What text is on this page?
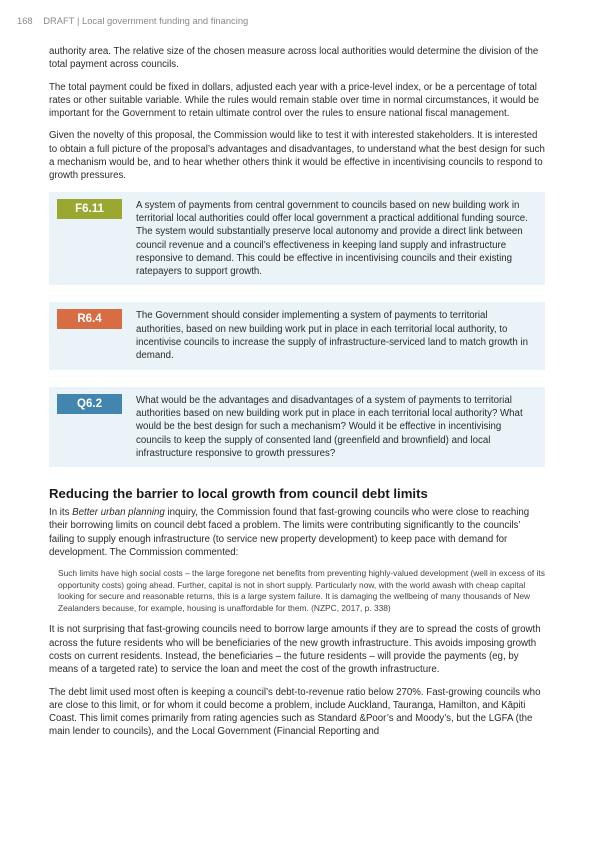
168 DRAFT | Local government funding and financing

authority area. The relative size of the chosen measure across local authorities would determine the division of the total payment across councils.

The total payment could be fixed in dollars, adjusted each year with a price-level index, or be a percentage of total rates or other suitable variable. While the rules would remain stable over time in normal circumstances, it would be important for the Government to retain ultimate control over the rules to ensure national fiscal management.

Given the novelty of this proposal, the Commission would like to test it with interested stakeholders. It is interested to obtain a full picture of the proposal’s advantages and disadvantages, to understand what the best design for such a mechanism would be, and to hear whether others think it would be effective in incentivising councils to respond to growth pressures.

F6.11	A system of payments from central government to councils based on new building work in territorial local authorities could offer local government a practical additional funding source. The system would substantially preserve local autonomy and provide a direct link between council revenue and a council’s effectiveness in keeping land supply and infrastructure responsive to demand. This could be effective in incentivising councils and their existing ratepayers to support growth.
R6.4	The Government should consider implementing a system of payments to territorial authorities, based on new building work put in place in each territorial local authority, to incentivise councils to increase the supply of infrastructure-serviced land to match growth in demand.
Q6.2	What would be the advantages and disadvantages of a system of payments to territorial authorities based on new building work put in place in each territorial local authority? What would be the best design for such a mechanism? Would it be effective in incentivising councils to keep the supply of consented land (greenfield and brownfield) and local infrastructure responsive to growth pressures?
Reducing the barrier to local growth from council debt limits

In its Better urban planning inquiry, the Commission found that fast-growing councils who were close to reaching their borrowing limits on council debt faced a problem. The limits were contributing significantly to the councils’ failing to supply enough infrastructure (to service new property development) to keep pace with demand for development. The Commission commented:

Such limits have high social costs – the large foregone net benefits from preventing highly-valued development (well in excess of its opportunity costs) going ahead. Further, capital is not in short supply. Particularly now, with the world awash with cheap capital looking for secure and reasonable returns, this is a large system failure. It is damaging the wellbeing of many thousands of New Zealanders because, for example, housing is unaffordable for them. (NZPC, 2017, p. 338)

It is not surprising that fast-growing councils need to borrow large amounts if they are to spread the costs of growth across the future residents who will be beneficiaries of the new growth infrastructure. This avoids imposing growth costs on current residents. Instead, the beneficiaries – the future residents – will provide the payments (eg, by means of a targeted rate) to service the loan and meet the cost of the growth infrastructure.

The debt limit used most often is keeping a council’s debt-to-revenue ratio below 270%. Fast-growing councils who are close to this limit, or for whom it could become a problem, include Auckland, Tauranga, Hamilton, and Kāpiti Coast. This limit comes primarily from rating agencies such as Standard &Poor’s and Moody’s, but the LGFA (the main lender to councils), and the Local Government (Financial Reporting and
